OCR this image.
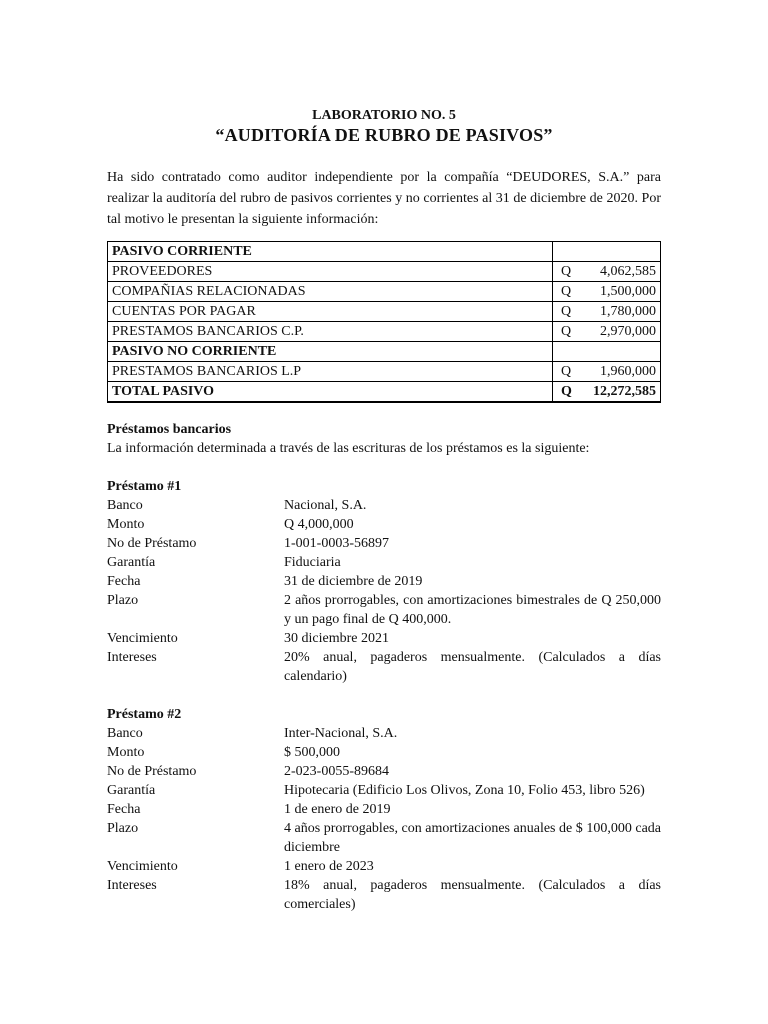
LABORATORIO NO. 5

“AUDITORÍA DE RUBRO DE PASIVOS”

Ha sido contratado como auditor independiente por la compañía “DEUDORES, S.A.” para realizar la auditoría del rubro de pasivos corrientes y no corrientes al 31 de diciembre de 2020. Por tal motivo le presentan la siguiente información:
PASIVO CORRIENTE	
PROVEEDORES	Q 4,062,585

COMPAÑIAS RELACIONADAS	Q 1,500,000

CUENTAS POR PAGAR	Q 1,780,000

PRESTAMOS BANCARIOS C.P.	Q 2,970,000

PASIVO NO CORRIENTE	
PRESTAMOS BANCARIOS L.P	Q 1,960,000

TOTAL PASIVO	Q 12,272,585
Préstamos bancarios
La información determinada a través de las escrituras de los préstamos es la siguiente:
Préstamo #1
Banco	Nacional, S.A.
Monto	Q 4,000,000
No de Préstamo	1-001-0003-56897
Garantía	Fiduciaria
Fecha	31 de diciembre de 2019
Plazo	2 años prorrogables, con amortizaciones bimestrales de Q 250,000 y un pago final de Q 400,000.
Vencimiento	30 diciembre 2021
Intereses	20% anual, pagaderos mensualmente. (Calculados a días calendario)
Préstamo #2
Banco	Inter-Nacional, S.A.
Monto	$ 500,000
No de Préstamo	2-023-0055-89684
Garantía	Hipotecaria (Edificio Los Olivos, Zona 10, Folio 453, libro 526)
Fecha	1 de enero de 2019
Plazo	4 años prorrogables, con amortizaciones anuales de $ 100,000 cada diciembre
Vencimiento	1 enero de 2023
Intereses	18% anual, pagaderos mensualmente. (Calculados a días comerciales)
